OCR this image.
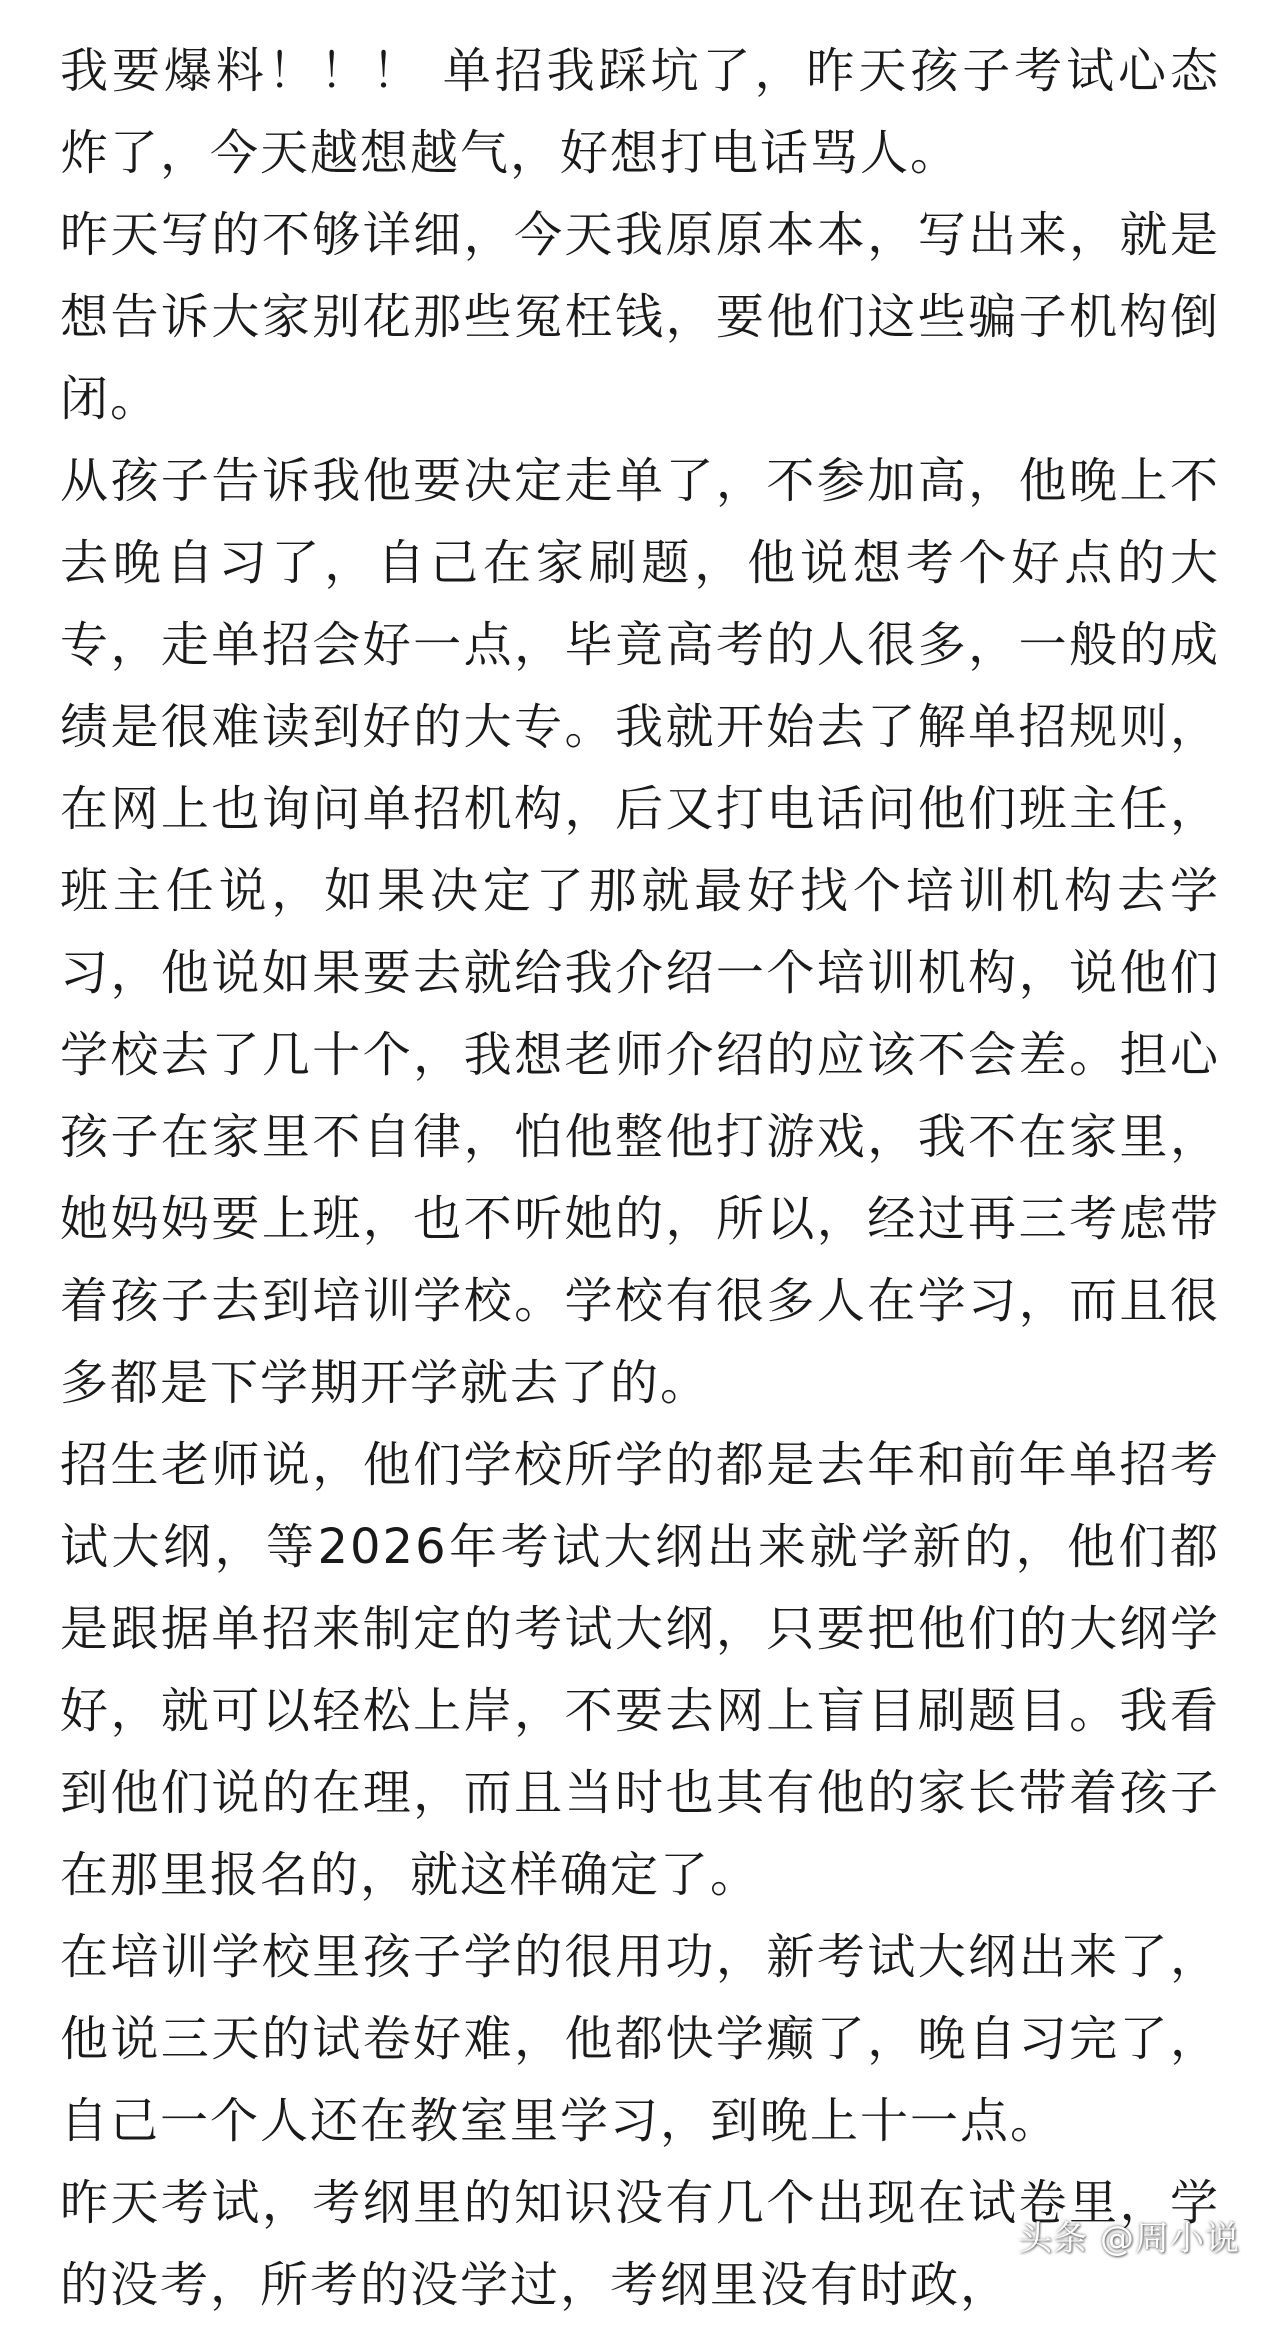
我要爆料！！！ 单招我踩坑了，昨天孩子考试心态炸了，今天越想越气，好想打电话骂人。

昨天写的不够详细，今天我原原本本，写出来，就是想告诉大家别花那些冤枉钱，要他们这些骗子机构倒闭。

从孩子告诉我他要决定走单了，不参加高，他晚上不去晚自习了，自己在家刷题，他说想考个好点的大专，走单招会好一点，毕竟高考的人很多，一般的成绩是很难读到好的大专。我就开始去了解单招规则，在网上也询问单招机构，后又打电话问他们班主任，班主任说，如果决定了那就最好找个培训机构去学习，他说如果要去就给我介绍一个培训机构，说他们学校去了几十个，我想老师介绍的应该不会差。担心孩子在家里不自律，怕他整他打游戏，我不在家里，她妈妈要上班，也不听她的，所以，经过再三考虑带着孩子去到培训学校。学校有很多人在学习，而且很多都是下学期开学就去了的。

招生老师说，他们学校所学的都是去年和前年单招考试大纲，等2026年考试大纲出来就学新的，他们都是跟据单招来制定的考试大纲，只要把他们的大纲学好，就可以轻松上岸，不要去网上盲目刷题目。我看到他们说的在理，而且当时也其有他的家长带着孩子在那里报名的，就这样确定了。

在培训学校里孩子学的很用功，新考试大纲出来了，他说三天的试卷好难，他都快学癫了，晚自习完了，自己一个人还在教室里学习，到晚上十一点。

昨天考试，考纲里的知识没有几个出现在试卷里，学的没考，所考的没学过，考纲里没有时政，

头条 @周小说
